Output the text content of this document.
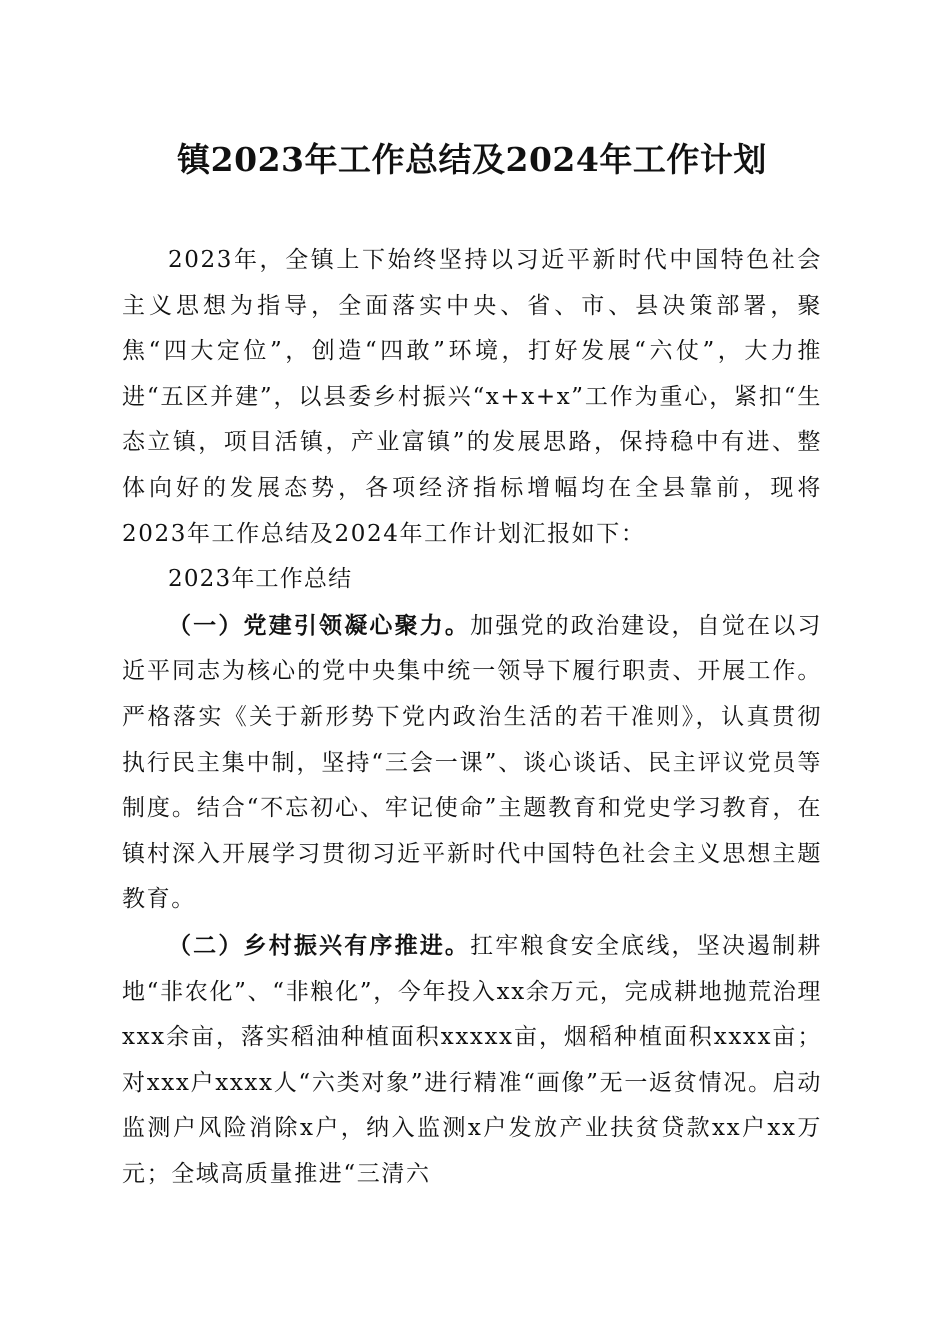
镇2023年工作总结及2024年工作计划

2023年，全镇上下始终坚持以习近平新时代中国特色社会主义思想为指导，全面落实中央、省、市、县决策部署，聚焦“四大定位”，创造“四敢”环境，打好发展“六仗”，大力推进“五区并建”，以县委乡村振兴“x+x+x”工作为重心，紧扣“生态立镇，项目活镇，产业富镇”的发展思路，保持稳中有进、整体向好的发展态势，各项经济指标增幅均在全县靠前，现将2023年工作总结及2024年工作计划汇报如下：

2023年工作总结

（一）党建引领凝心聚力。加强党的政治建设，自觉在以习近平同志为核心的党中央集中统一领导下履行职责、开展工作。严格落实《关于新形势下党内政治生活的若干准则》，认真贯彻执行民主集中制，坚持“三会一课”、谈心谈话、民主评议党员等制度。结合“不忘初心、牢记使命”主题教育和党史学习教育，在镇村深入开展学习贯彻习近平新时代中国特色社会主义思想主题教育。

（二）乡村振兴有序推进。扛牢粮食安全底线，坚决遏制耕地“非农化”、“非粮化”，今年投入xx余万元，完成耕地抛荒治理xxx余亩，落实稻油种植面积xxxxx亩，烟稻种植面积xxxx亩；对xxx户xxxx人“六类对象”进行精准“画像”无一返贫情况。启动监测户风险消除x户，纳入监测x户发放产业扶贫贷款xx户xx万元；全域高质量推进“三清六
